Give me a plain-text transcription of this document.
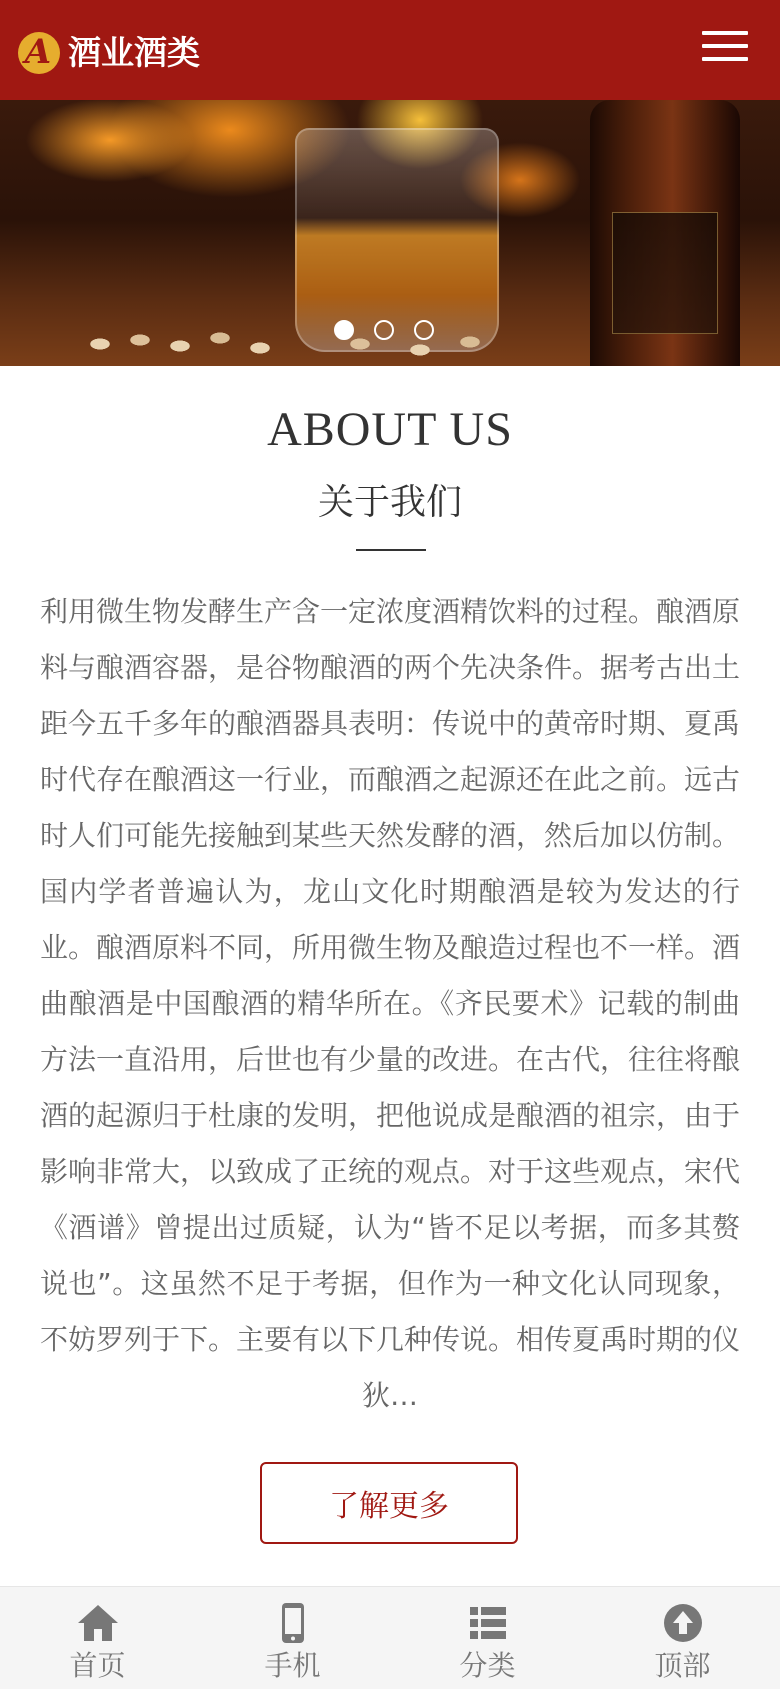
A 酒业酒类
ABOUT US
关于我们
利用微生物发酵生产含一定浓度酒精饮料的过程。酿酒原料与酿酒容器，是谷物酿酒的两个先决条件。据考古出土距今五千多年的酿酒器具表明：传说中的黄帝时期、夏禹时代存在酿酒这一行业，而酿酒之起源还在此之前。远古时人们可能先接触到某些天然发酵的酒，然后加以仿制。 国内学者普遍认为，龙山文化时期酿酒是较为发达的行业。酿酒原料不同，所用微生物及酿造过程也不一样。酒曲酿酒是中国酿酒的精华所在。《齐民要术》记载的制曲方法一直沿用，后世也有少量的改进。在古代，往往将酿酒的起源归于杜康的发明，把他说成是酿酒的祖宗，由于影响非常大，以致成了正统的观点。对于这些观点，宋代《酒谱》曾提出过质疑，认为“皆不足以考据，而多其赘说也”。这虽然不足于考据，但作为一种文化认同现象，不妨罗列于下。主要有以下几种传说。相传夏禹时期的仪狄…
了解更多
首页	手机	分类	顶部
